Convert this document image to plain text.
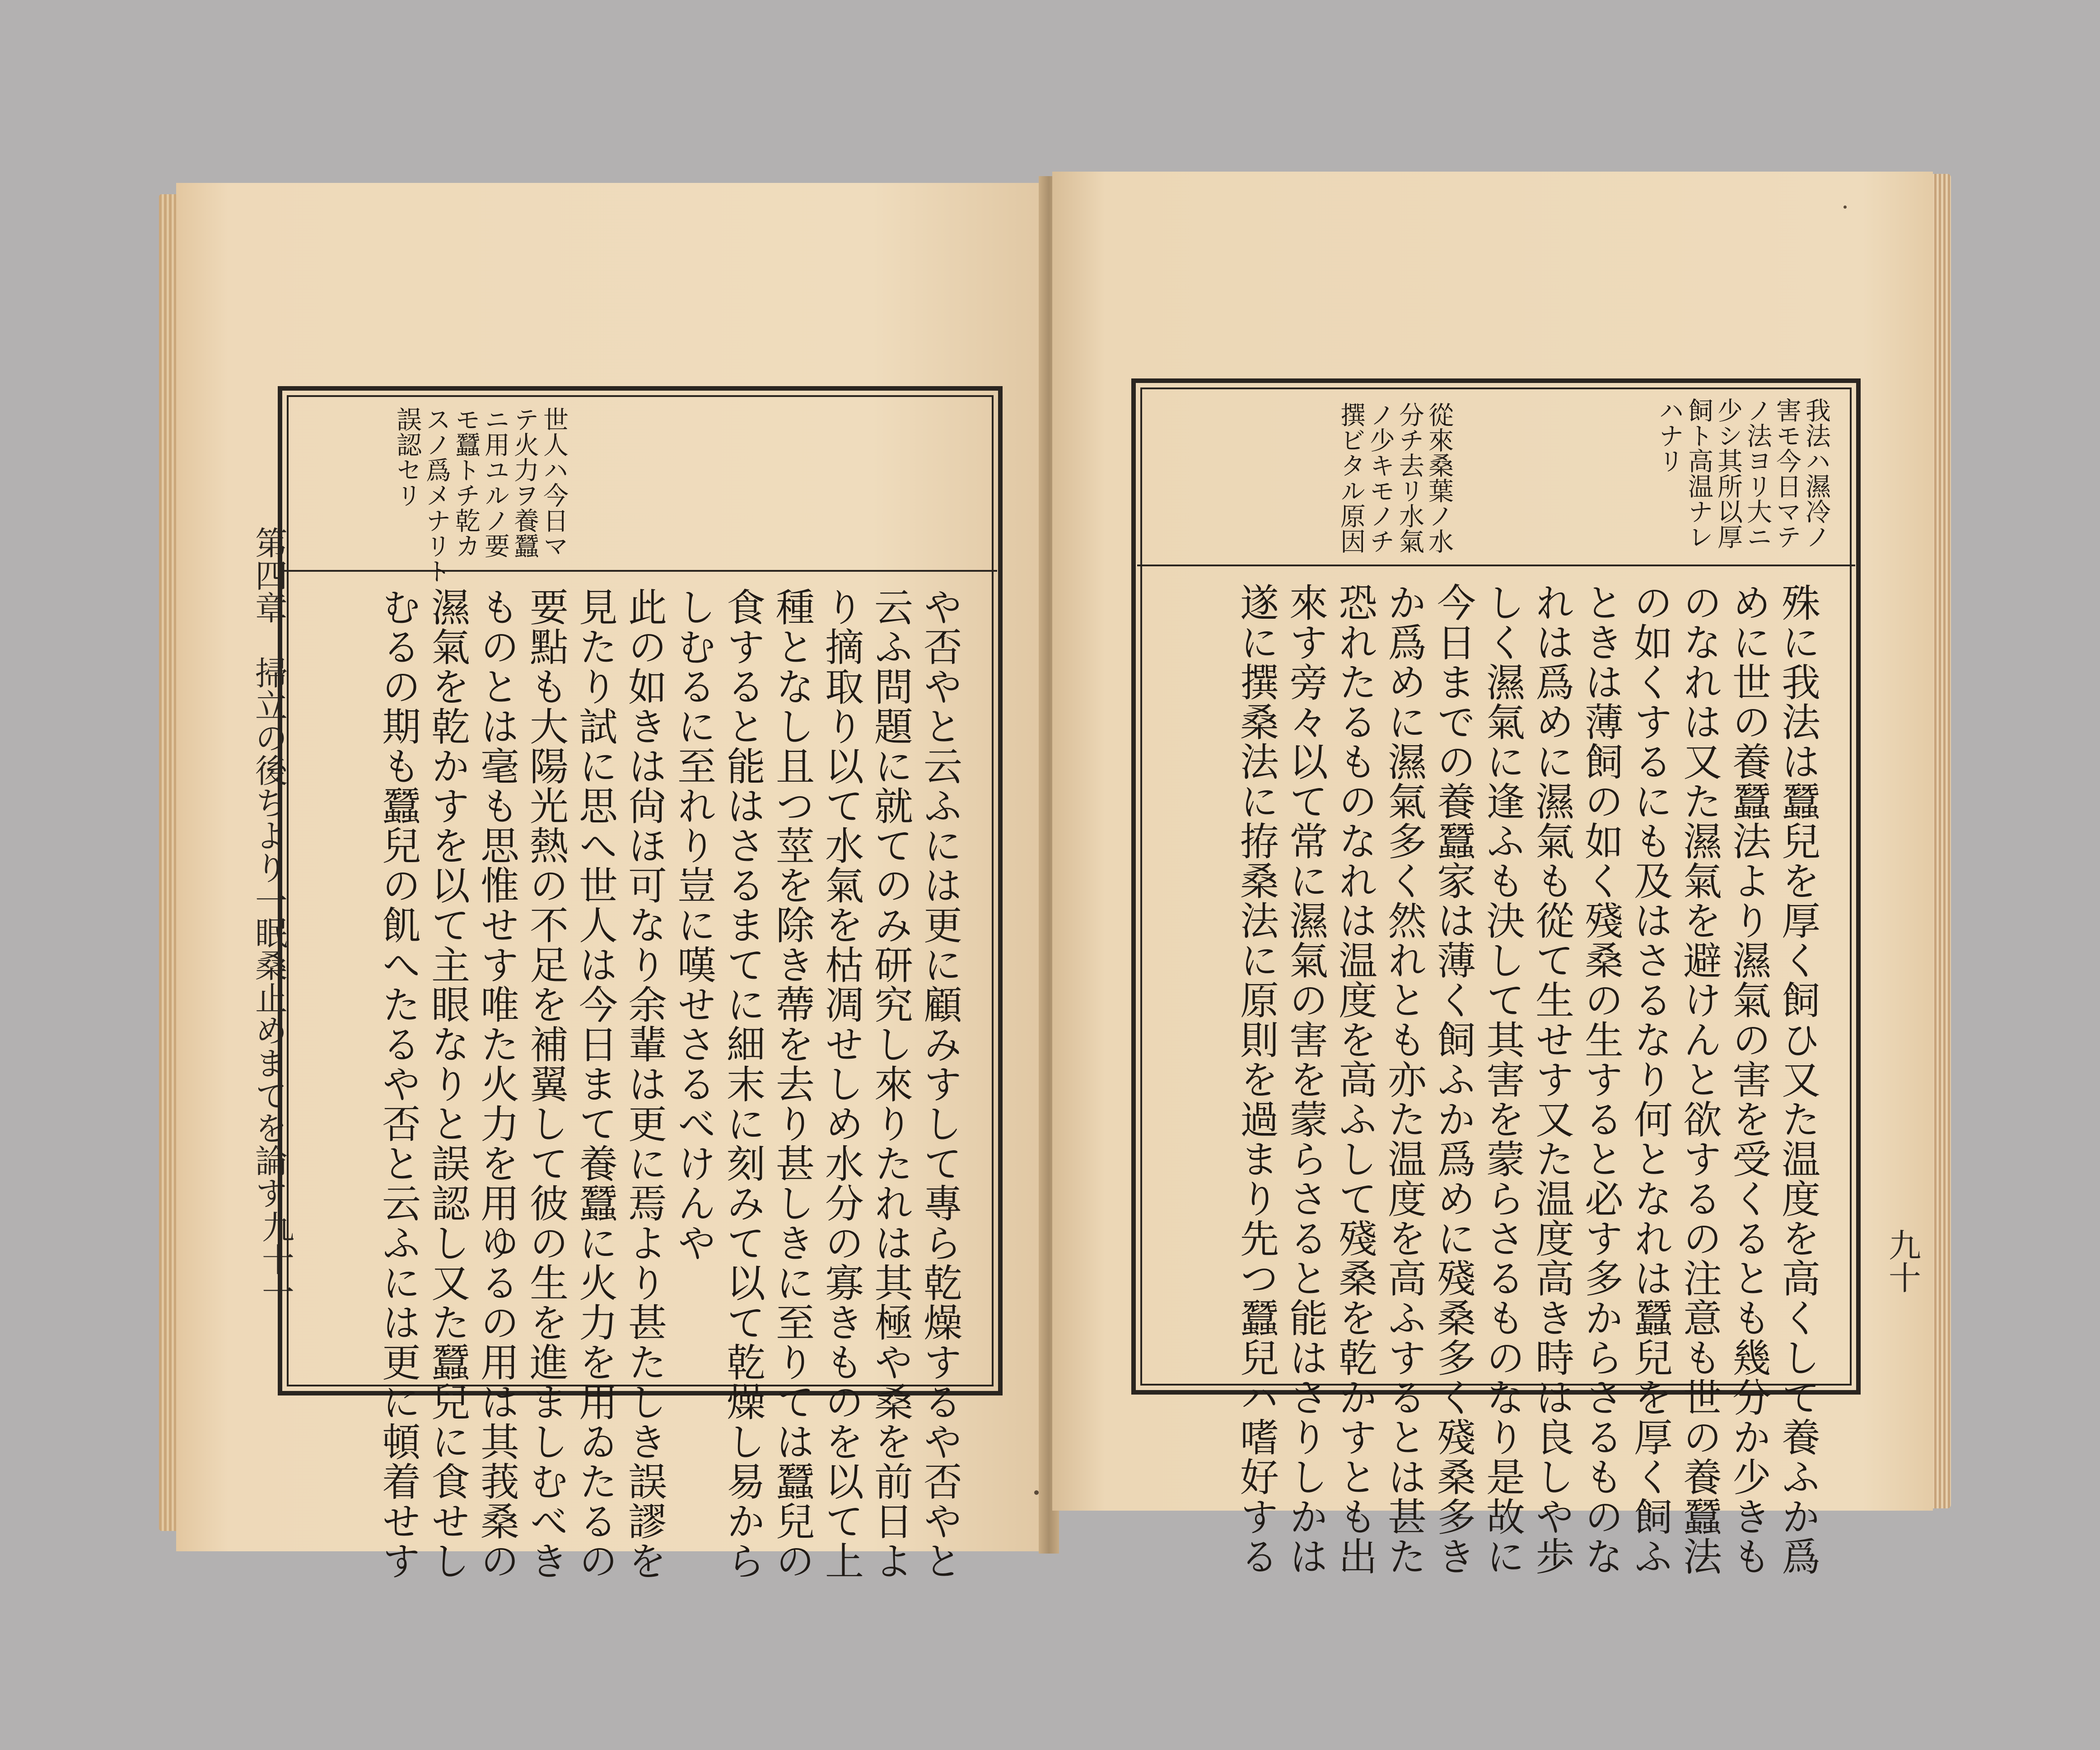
第四章　掃立の後ちより一眠桑止めまてを論す
九十一
世人ハ今日マ
テ火力ヲ養蠶
ニ用ユルノ要
モ蠶トチ乾カ
スノ爲メナリト
誤認セリ
や否やと云ふには更に顧みすして專ら乾燥するや否やと
云ふ問題に就てのみ研究し來りたれは其極や桑を前日よ
り摘取り以て水氣を枯凋せしめ水分の寡きものを以て上
種となし且つ莖を除き蔕を去り甚しきに至りては蠶兒の
食すると能はさるまてに細末に刻みて以て乾燥し易から
しむるに至れり豈に嘆せさるべけんや
此の如きは尙ほ可なり余輩は更に焉より甚たしき誤謬を
見たり試に思へ世人は今日まて養蠶に火力を用ゐたるの
要點も大陽光熱の不足を補翼して彼の生を進ましむべき
ものとは毫も思惟せす唯た火力を用ゆるの用は其莪桑の
濕氣を乾かすを以て主眼なりと誤認し又た蠶兒に食せし
むるの期も蠶兒の飢へたるや否と云ふには更に頓着せす	九十
我法ハ濕冷ノ
害モ今日マテ
ノ法ヨリ大ニ
少シ其所以厚
飼ト高温ナレ
ハナリ
從來桑葉ノ水
分チ去リ水氣
ノ少キモノチ
撰ビタル原因
殊に我法は蠶兒を厚く飼ひ又た温度を高くして養ふか爲
めに世の養蠶法より濕氣の害を受くるとも幾分か少きも
のなれは又た濕氣を避けんと欲するの注意も世の養蠶法
の如くするにも及はさるなり何となれは蠶兒を厚く飼ふ
ときは薄飼の如く殘桑の生すると必す多からさるものな
れは爲めに濕氣も從て生せす又た温度高き時は良しや歩
しく濕氣に逢ふも決して其害を蒙らさるものなり是故に
今日までの養蠶家は薄く飼ふか爲めに殘桑多く殘桑多き
か爲めに濕氣多く然れとも亦た温度を高ふするとは甚た
恐れたるものなれは温度を高ふして殘桑を乾かすとも出
來す旁々以て常に濕氣の害を蒙らさると能はさりしかは
遂に撰桑法に拵桑法に原則を過まり先つ蠶兒ハ嗜好する
